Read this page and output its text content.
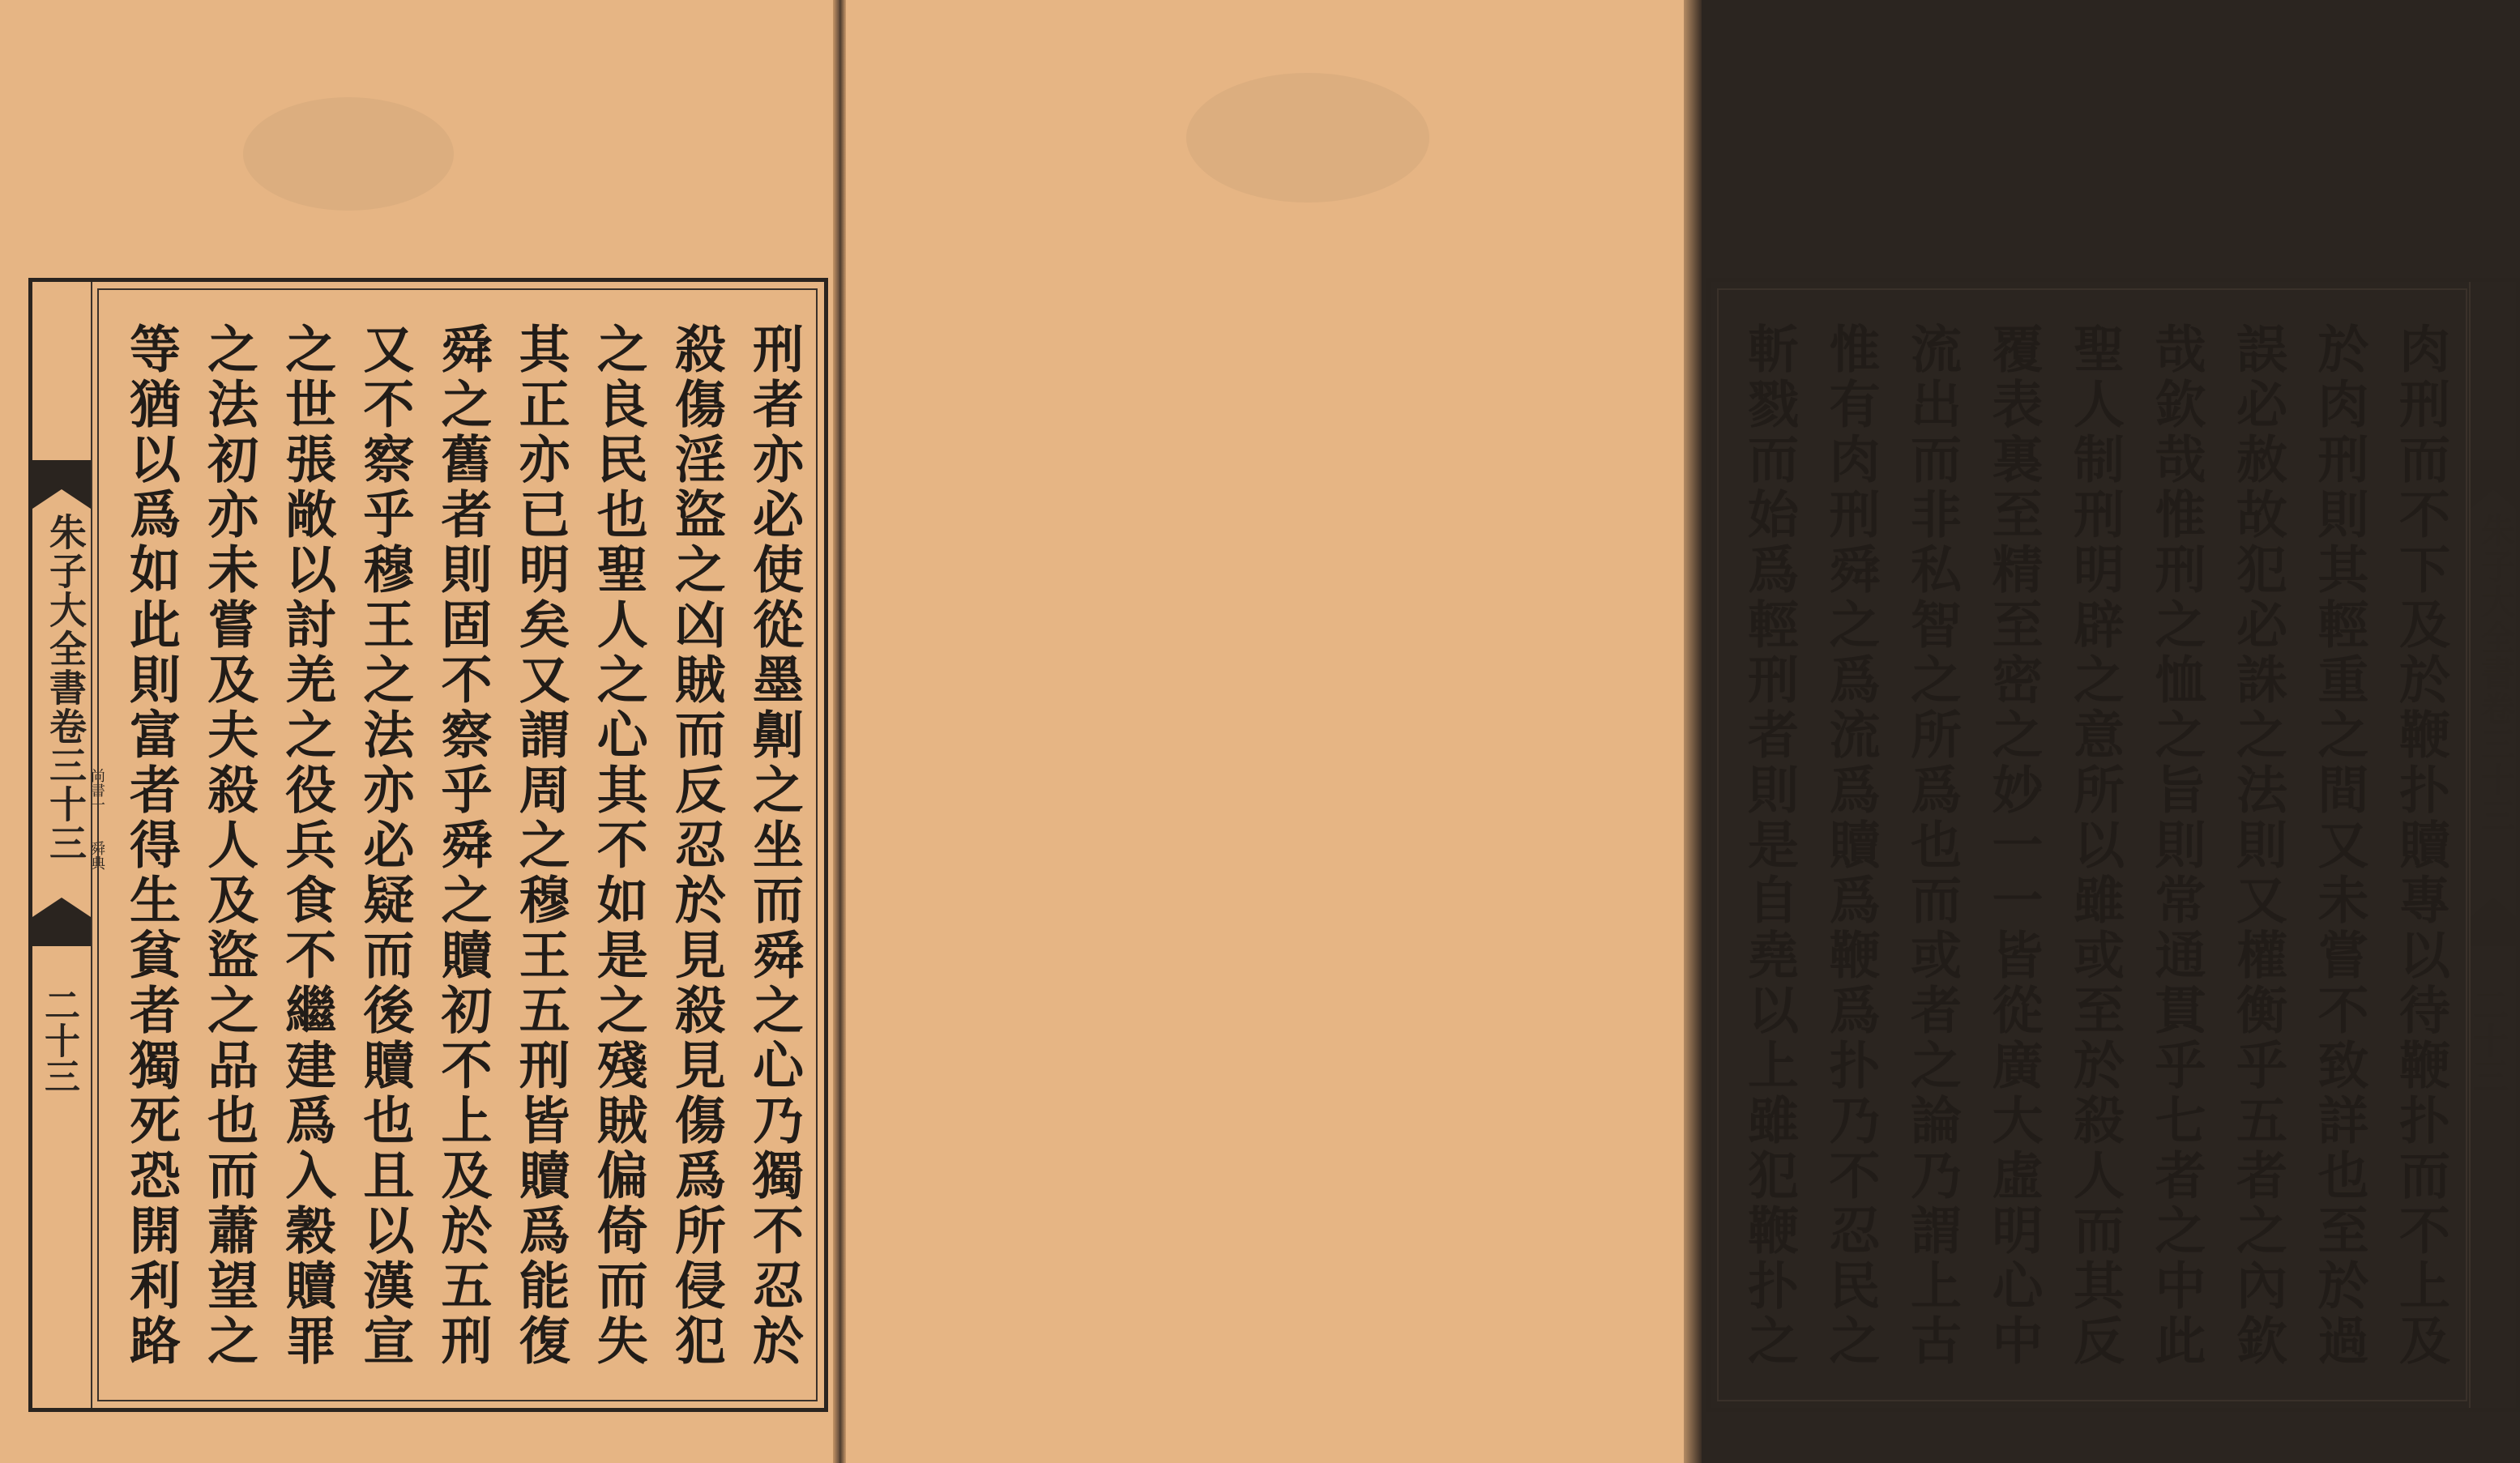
朱子大全書卷三十三
二十三
尚書一
舜典	刑者亦必使從墨劓之坐而舜之心乃獨不忍於
殺傷淫盜之凶賊而反忍於見殺見傷爲所侵犯
之良民也聖人之心其不如是之殘賊偏倚而失
其正亦已明矣又謂周之穆王五刑皆贖爲能復
舜之舊者則固不察乎舜之贖初不上及於五刑
又不察乎穆王之法亦必疑而後贖也且以漢宣
之世張敞以討羌之役兵食不繼建爲入穀贖罪
之法初亦未嘗及夫殺人及盜之品也而蕭望之
等猶以爲如此則富者得生貧者獨死恐開利路	肉刑而不下及於鞭扑贖專以待鞭扑而不上及
於肉刑則其輕重之間又未嘗不致詳也至於過
誤必赦故犯必誅之法則又權衡乎五者之內欽
哉欽哉惟刑之恤之旨則常通貫乎七者之中此
聖人制刑明辟之意所以雖或至於殺人而其反
覆表裏至精至密之妙一一皆從廣大虛明心中
流出而非私智之所爲也而或者之論乃謂上古
惟有肉刑舜之爲流爲贖爲鞭爲扑乃不忍民之
斬戮而始爲輕刑者則是自堯以上雖犯鞭扑之	朱子大全書卷三十三
二十三
